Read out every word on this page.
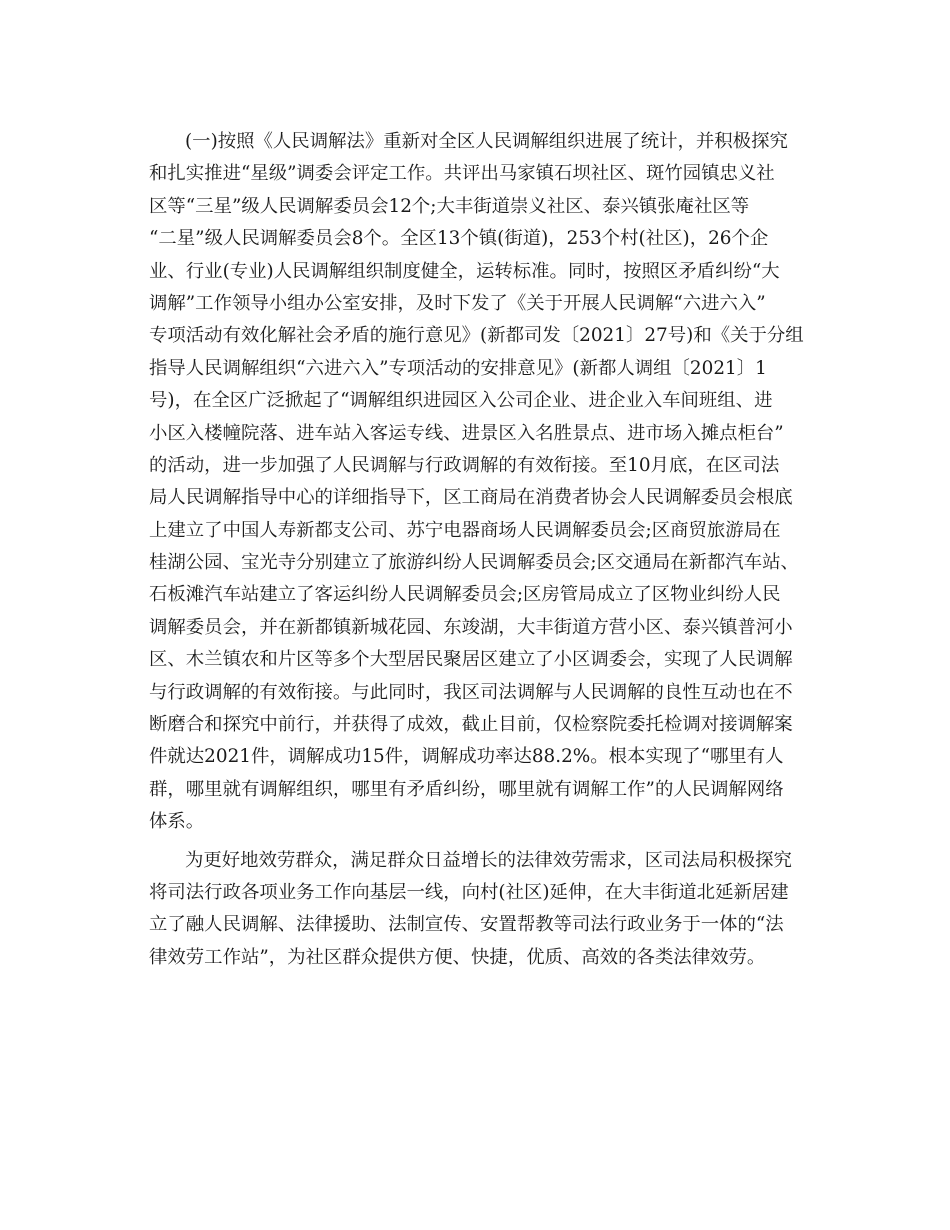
(一)按照《人民调解法》重新对全区人民调解组织进展了统计，并积极探究
和扎实推进“星级”调委会评定工作。共评出马家镇石坝社区、斑竹园镇忠义社
区等“三星”级人民调解委员会12个;大丰街道崇义社区、泰兴镇张庵社区等
“二星”级人民调解委员会8个。全区13个镇(街道)，253个村(社区)，26个企
业、行业(专业)人民调解组织制度健全，运转标准。同时，按照区矛盾纠纷“大
调解”工作领导小组办公室安排，及时下发了《关于开展人民调解“六进六入”
专项活动有效化解社会矛盾的施行意见》(新都司发〔2021〕27号)和《关于分组
指导人民调解组织“六进六入”专项活动的安排意见》(新都人调组〔2021〕1
号)，在全区广泛掀起了“调解组织进园区入公司企业、进企业入车间班组、进
小区入楼幢院落、进车站入客运专线、进景区入名胜景点、进市场入摊点柜台”
的活动，进一步加强了人民调解与行政调解的有效衔接。至10月底，在区司法
局人民调解指导中心的详细指导下，区工商局在消费者协会人民调解委员会根底
上建立了中国人寿新都支公司、苏宁电器商场人民调解委员会;区商贸旅游局在
桂湖公园、宝光寺分别建立了旅游纠纷人民调解委员会;区交通局在新都汽车站、
石板滩汽车站建立了客运纠纷人民调解委员会;区房管局成立了区物业纠纷人民
调解委员会，并在新都镇新城花园、东竣湖，大丰街道方营小区、泰兴镇普河小
区、木兰镇农和片区等多个大型居民聚居区建立了小区调委会，实现了人民调解
与行政调解的有效衔接。与此同时，我区司法调解与人民调解的良性互动也在不
断磨合和探究中前行，并获得了成效，截止目前，仅检察院委托检调对接调解案
件就达2021件，调解成功15件，调解成功率达88.2%。根本实现了“哪里有人
群，哪里就有调解组织，哪里有矛盾纠纷，哪里就有调解工作”的人民调解网络
体系。
为更好地效劳群众，满足群众日益增长的法律效劳需求，区司法局积极探究
将司法行政各项业务工作向基层一线，向村(社区)延伸，在大丰街道北延新居建
立了融人民调解、法律援助、法制宣传、安置帮教等司法行政业务于一体的“法
律效劳工作站”，为社区群众提供方便、快捷，优质、高效的各类法律效劳。
